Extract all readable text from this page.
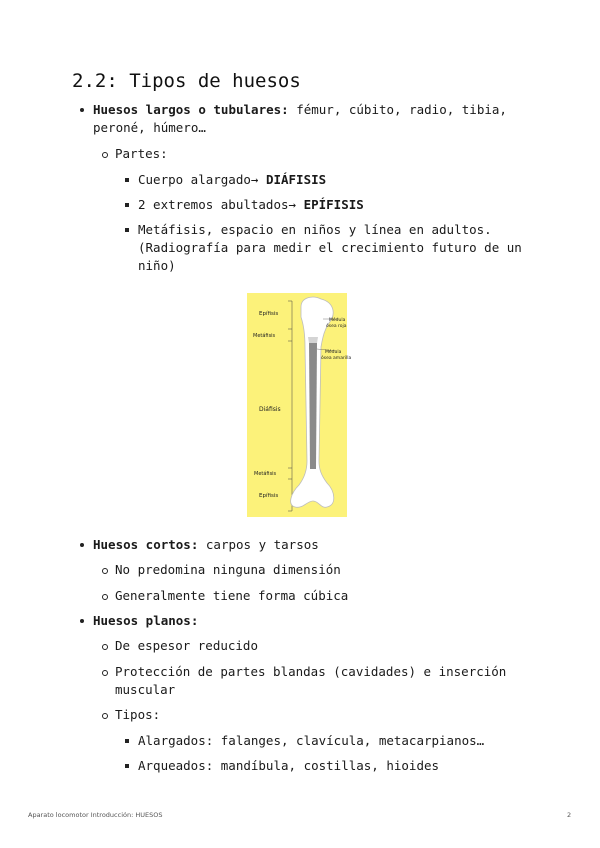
2.2: Tipos de huesos
Huesos largos o tubulares: fémur, cúbito, radio, tibia,
peroné, húmero…
Partes:
Cuerpo alargado→ DIÁFISIS
2 extremos abultados→ EPÍFISIS
Metáfisis, espacio en niños y línea en adultos.
(Radiografía para medir el crecimiento futuro de un
niño)
Epífisis
Metáfisis
Diáfisis
Metáfisis
Epífisis
Médula
ósea roja
Médula
ósea amarilla
Huesos cortos: carpos y tarsos
No predomina ninguna dimensión
Generalmente tiene forma cúbica
Huesos planos:
De espesor reducido
Protección de partes blandas (cavidades) e inserción
muscular
Tipos:
Alargados: falanges, clavícula, metacarpianos…
Arqueados: mandíbula, costillas, hioides
Aparato locomotor Introducción: HUESOS	2
